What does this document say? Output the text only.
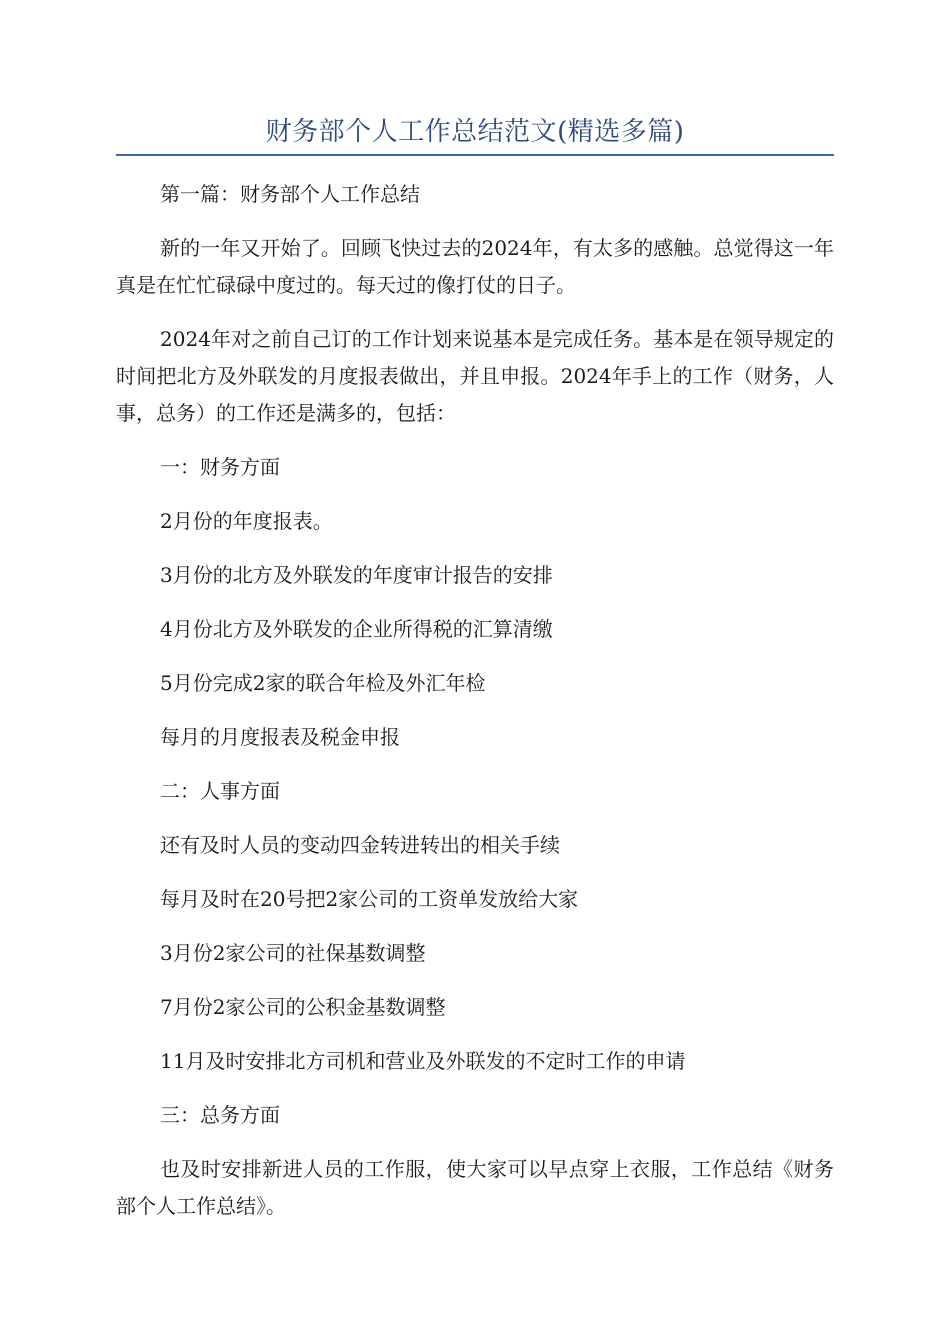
财务部个人工作总结范文(精选多篇)

第一篇：财务部个人工作总结

新的一年又开始了。回顾飞快过去的2024年，有太多的感触。总觉得这一年真是在忙忙碌碌中度过的。每天过的像打仗的日子。

2024年对之前自己订的工作计划来说基本是完成任务。基本是在领导规定的时间把北方及外联发的月度报表做出，并且申报。2024年手上的工作（财务，人事，总务）的工作还是满多的，包括：

一：财务方面

2月份的年度报表。

3月份的北方及外联发的年度审计报告的安排

4月份北方及外联发的企业所得税的汇算清缴

5月份完成2家的联合年检及外汇年检

每月的月度报表及税金申报

二：人事方面

还有及时人员的变动四金转进转出的相关手续

每月及时在20号把2家公司的工资单发放给大家

3月份2家公司的社保基数调整

7月份2家公司的公积金基数调整

11月及时安排北方司机和营业及外联发的不定时工作的申请

三：总务方面

也及时安排新进人员的工作服，使大家可以早点穿上衣服，工作总结《财务部个人工作总结》。
